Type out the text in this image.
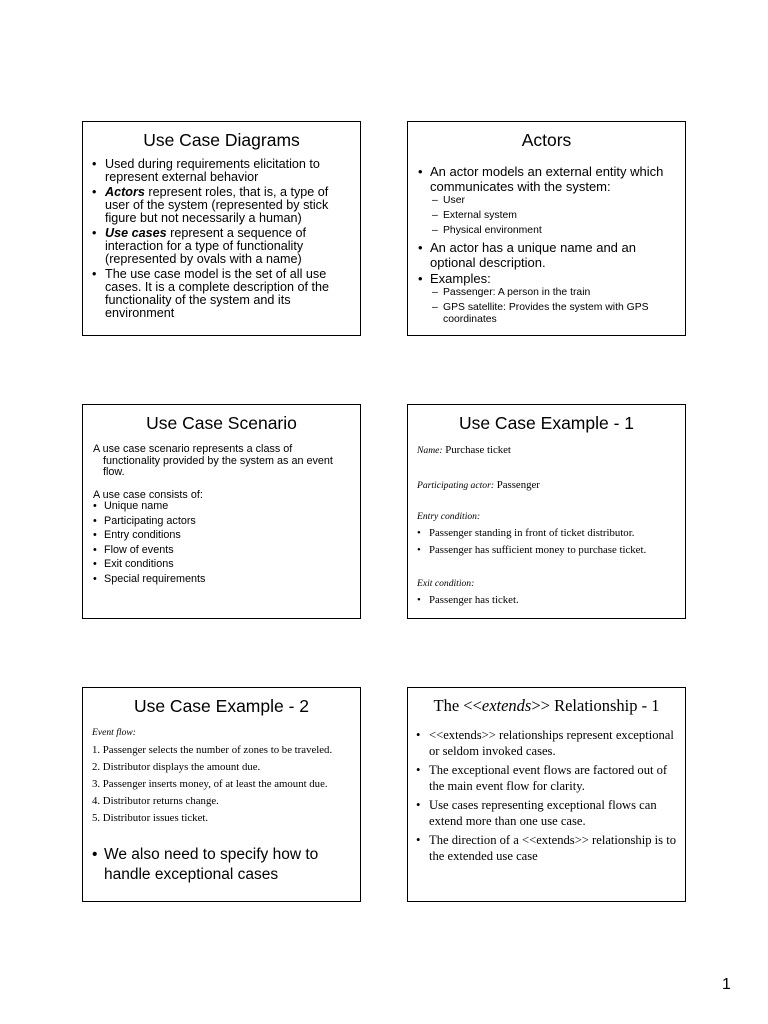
Use Case Diagrams
• Used during requirements elicitation to represent external behavior
• Actors represent roles, that is, a type of user of the system (represented by stick figure but not necessarily a human)
• Use cases represent a sequence of interaction for a type of functionality (represented by ovals with a name)
• The use case model is the set of all use cases. It is a complete description of the functionality of the system and its environment
Actors
• An actor models an external entity which communicates with the system:
– User
– External system
– Physical environment
• An actor has a unique name and an optional description.
• Examples:
– Passenger: A person in the train
– GPS satellite: Provides the system with GPS coordinates
Use Case Scenario
A use case scenario represents a class of

functionality provided by the system as an event
flow.
A use case consists of:
• Unique name
• Participating actors
• Entry conditions
• Flow of events
• Exit conditions
• Special requirements
Use Case Example - 1
Name: Purchase ticket
Participating actor: Passenger
Entry condition:
• Passenger standing in front of ticket distributor.
• Passenger has sufficient money to purchase ticket.
Exit condition:
• Passenger has ticket.
Use Case Example - 2
Event flow:
1. Passenger selects the number of zones to be traveled.
2. Distributor displays the amount due.
3. Passenger inserts money, of at least the amount due.
4. Distributor returns change.
5. Distributor issues ticket.
• We also need to specify how to handle exceptional cases
The <<extends>> Relationship - 1
• <<extends>> relationships represent exceptional or seldom invoked cases.
• The exceptional event flows are factored out of the main event flow for clarity.
• Use cases representing exceptional flows can extend more than one use case.
• The direction of a <<extends>> relationship is to the extended use case
1
